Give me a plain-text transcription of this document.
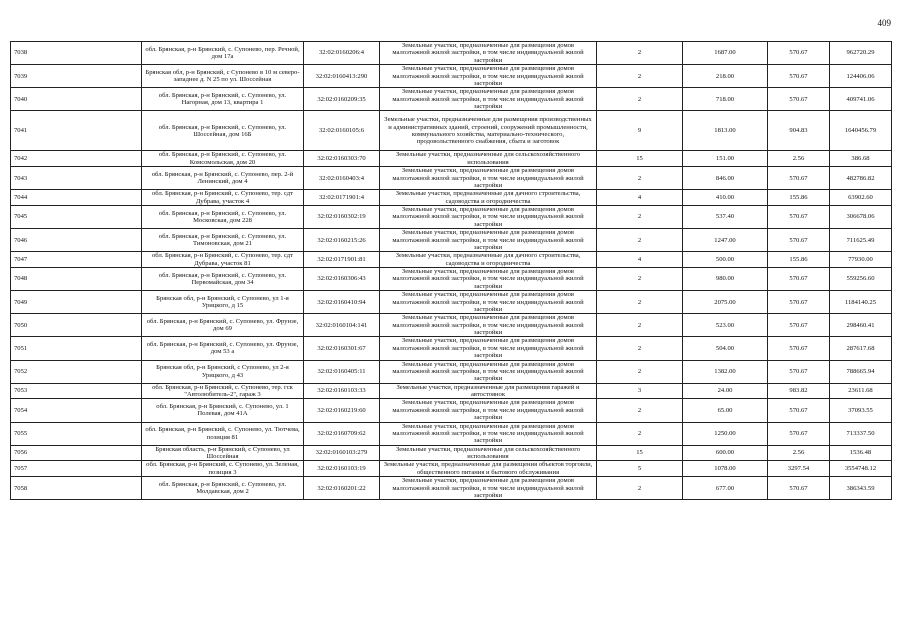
409
7038	обл. Брянская, р-н Брянский, с. Супонево, пер. Речной, дом 17а	32:02:0160206:4	Земельные участки, предназначенные для размещения домов малоэтажной жилой застройки, в том числе индивидуальной жилой застройки	2	1687.00	570.67	962720.29
7039	Брянская обл, р-н Брянский, с Супонево в 10 м северо-западнее д. N 25 по ул. Шоссейная	32:02:0160413:290	Земельные участки, предназначенные для размещения домов малоэтажной жилой застройки, в том числе индивидуальной жилой застройки	2	218.00	570.67	124406.06
7040	обл. Брянская, р-н Брянский, с. Супонево, ул. Нагорная, дом 13, квартира 1	32:02:0160209:35	Земельные участки, предназначенные для размещения домов малоэтажной жилой застройки, в том числе индивидуальной жилой застройки	2	718.00	570.67	409741.06
7041	обл. Брянская, р-н Брянский, с. Супонево, ул. Шоссейная, дом 16Б	32:02:0160105:6	Земельные участки, предназначенные для размещения производственных и административных зданий, строений, сооружений промышленности, коммунального хозяйства, материально-технического, продовольственного снабжения, сбыта и заготовок	9	1813.00	904.83	1640456.79
7042	обл. Брянская, р-н Брянский, с. Супонево, ул. Комсомольская, дом 20	32:02:0160303:70	Земельные участки, предназначенные для сельскохозяйственного использования	15	151.00	2.56	386.68
7043	обл. Брянская, р-н Брянский, с. Супонево, пер. 2-й Ленинский, дом 4	32:02:0160403:4	Земельные участки, предназначенные для размещения домов малоэтажной жилой застройки, в том числе индивидуальной жилой застройки	2	846.00	570.67	482786.82
7044	обл. Брянская, р-н Брянский, с. Супонево, тер. сдт Дубрава, участок 4	32:02:0171901:4	Земельные участки, предназначенные для дачного строительства, садоводства и огородничества	4	410.00	155.86	63902.60
7045	обл. Брянская, р-н Брянский, с. Супонево, ул. Московская, дом 228	32:02:0160302:19	Земельные участки, предназначенные для размещения домов малоэтажной жилой застройки, в том числе индивидуальной жилой застройки	2	537.40	570.67	306678.06
7046	обл. Брянская, р-н Брянский, с. Супонево, ул. Тимоновская, дом 21	32:02:0160215:26	Земельные участки, предназначенные для размещения домов малоэтажной жилой застройки, в том числе индивидуальной жилой застройки	2	1247.00	570.67	711625.49
7047	обл. Брянская, р-н Брянский, с. Супонево, тер. сдт Дубрава, участок 81	32:02:0171901:81	Земельные участки, предназначенные для дачного строительства, садоводства и огородничества	4	500.00	155.86	77930.00
7048	обл. Брянская, р-н Брянский, с. Супонево, ул. Первомайская, дом 34	32:02:0160306:43	Земельные участки, предназначенные для размещения домов малоэтажной жилой застройки, в том числе индивидуальной жилой застройки	2	980.00	570.67	559256.60
7049	Брянская обл, р-н Брянский, с Супонево, ул 1-я Урицкого, д 15	32:02:0160410:94	Земельные участки, предназначенные для размещения домов малоэтажной жилой застройки, в том числе индивидуальной жилой застройки	2	2075.00	570.67	1184140.25
7050	обл. Брянская, р-н Брянский, с. Супонево, ул. Фрунзе, дом 69	32:02:0160104:141	Земельные участки, предназначенные для размещения домов малоэтажной жилой застройки, в том числе индивидуальной жилой застройки	2	523.00	570.67	298460.41
7051	обл. Брянская, р-н Брянский, с. Супонево, ул. Фрунзе, дом 53 а	32:02:0160301:67	Земельные участки, предназначенные для размещения домов малоэтажной жилой застройки, в том числе индивидуальной жилой застройки	2	504.00	570.67	287617.68
7052	Брянская обл, р-н Брянский, с Супонево, ул 2-я Урицкого, д 43	32:02:0160405:11	Земельные участки, предназначенные для размещения домов малоэтажной жилой застройки, в том числе индивидуальной жилой застройки	2	1382.00	570.67	788665.94
7053	обл. Брянская, р-н Брянский, с. Супонево, тер. гск "Автолюбитель-2", гараж 3	32:02:0160103:33	Земельные участки, предназначенные для размещения гаражей и автостоянок	3	24.00	983.82	23611.68
7054	обл. Брянская, р-н Брянский, с. Супонево, ул. 1 Полевая, дом 41А	32:02:0160219:60	Земельные участки, предназначенные для размещения домов малоэтажной жилой застройки, в том числе индивидуальной жилой застройки	2	65.00	570.67	37093.55
7055	обл. Брянская, р-н Брянский, с. Супонево, ул. Тютчева, позиция 81	32:02:0160709:62	Земельные участки, предназначенные для размещения домов малоэтажной жилой застройки, в том числе индивидуальной жилой застройки	2	1250.00	570.67	713337.50
7056	Брянская область, р-н Брянский, с Супонево, ул Шоссейная	32:02:0160103:279	Земельные участки, предназначенные для сельскохозяйственного использования	15	600.00	2.56	1536.48
7057	обл. Брянская, р-н Брянский, с. Супонево, ул. Зеленая, позиция 3	32:02:0160103:19	Земельные участки, предназначенные для размещения объектов торговли, общественного питания и бытового обслуживания	5	1078.00	3297.54	3554748.12
7058	обл. Брянская, р-н Брянский, с. Супонево, ул. Молдавская, дом 2	32:02:0160201:22	Земельные участки, предназначенные для размещения домов малоэтажной жилой застройки, в том числе индивидуальной жилой застройки	2	677.00	570.67	386343.59
